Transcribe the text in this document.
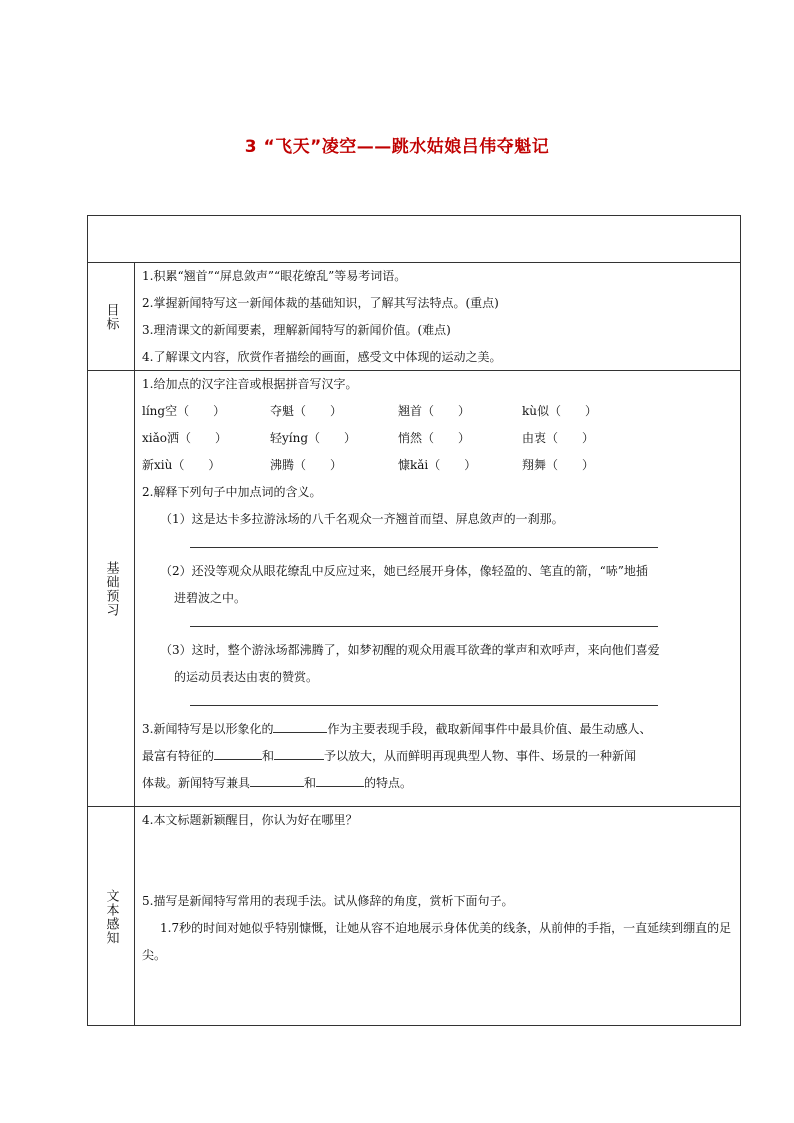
3 “飞天”凌空——跳水姑娘吕伟夺魁记
目标
1.积累“翘首”“屏息敛声”“眼花缭乱”等易考词语。
2.掌握新闻特写这一新闻体裁的基础知识，了解其写法特点。(重点)
3.理清课文的新闻要素，理解新闻特写的新闻价值。(难点)
4.了解课文内容，欣赏作者描绘的画面，感受文中体现的运动之美。
基础预习
1.给加点的汉字注音或根据拼音写汉字。
líng空（　　）	夺魁（　　）	翘首（　　）	kù似（　　）
xiǎo洒（　　）	轻yíng（　　）	悄然（　　）	由衷（　　）
新xiù（　　）	沸腾（　　）	慷kǎi（　　）	翔舞（　　）
2.解释下列句子中加点词的含义。
（1）这是达卡多拉游泳场的八千名观众一齐翘首而望、屏息敛声的一刹那。
（2）还没等观众从眼花缭乱中反应过来，她已经展开身体，像轻盈的、笔直的箭，“哧”地插
进碧波之中。
（3）这时，整个游泳场都沸腾了，如梦初醒的观众用震耳欲聋的掌声和欢呼声，来向他们喜爱
的运动员表达由衷的赞赏。
3.新闻特写是以形象化的	作为主要表现手段，截取新闻事件中最具价值、最生动感人、
最富有特征的	和	予以放大，从而鲜明再现典型人物、事件、场景的一种新闻
体裁。新闻特写兼具	和	的特点。
文本感知
4.本文标题新颖醒目，你认为好在哪里？
5.描写是新闻特写常用的表现手法。试从修辞的角度，赏析下面句子。
1.7秒的时间对她似乎特别慷慨，让她从容不迫地展示身体优美的线条，从前伸的手指，一直延续到绷直的足尖。
